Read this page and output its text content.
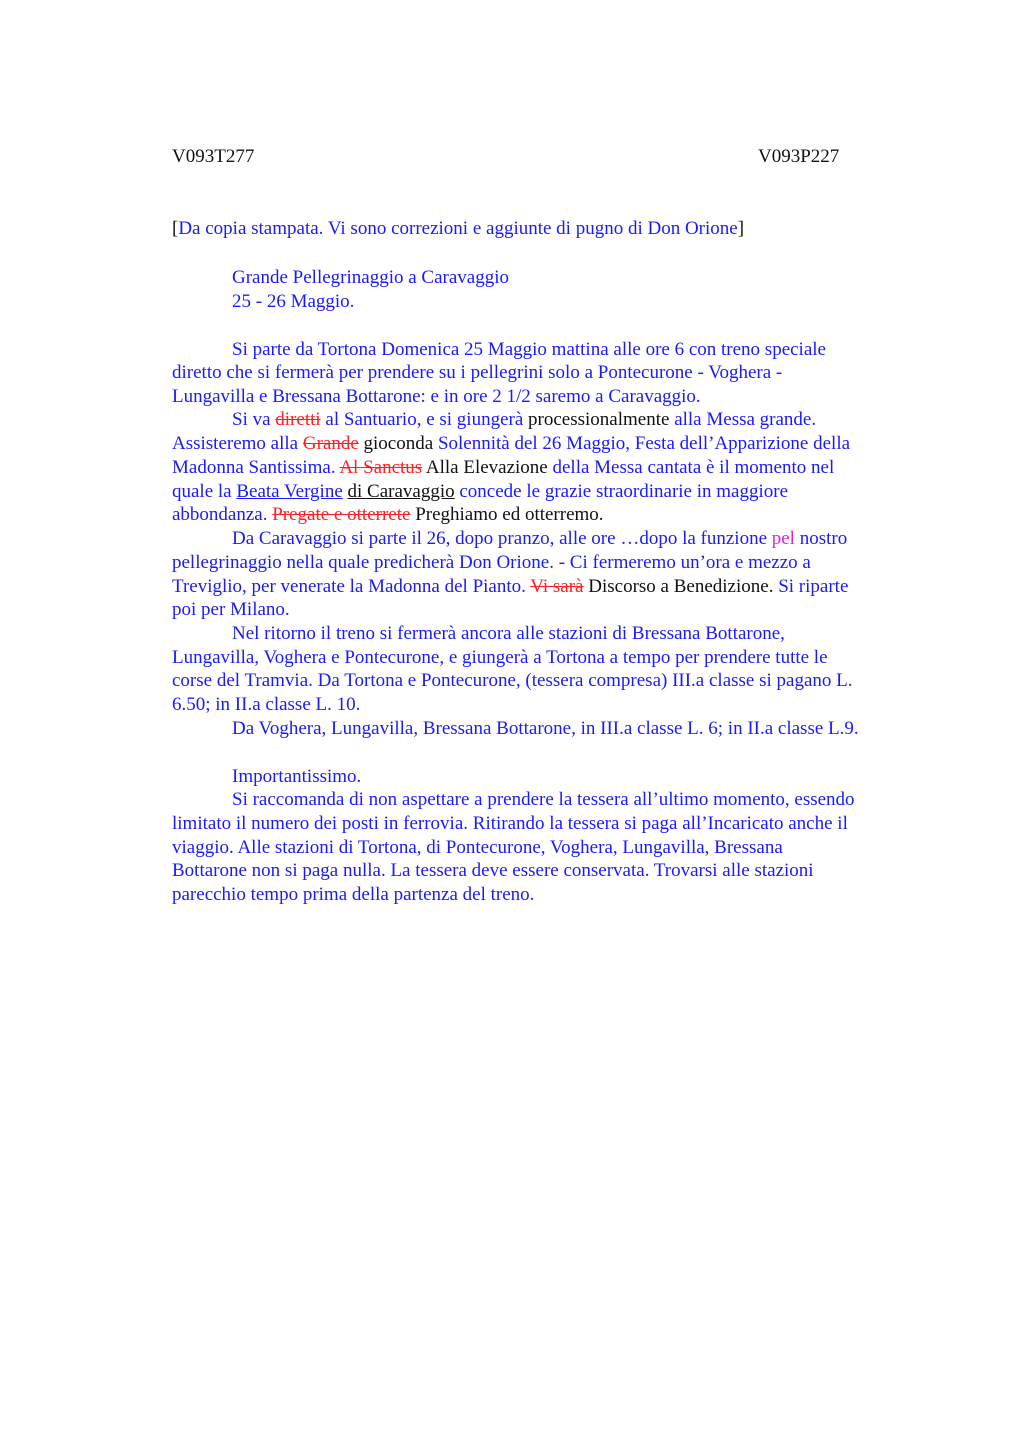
V093T277	V093P227
[Da copia stampata. Vi sono correzioni e aggiunte di pugno di Don Orione]
Grande Pellegrinaggio a Caravaggio
25 - 26 Maggio.
Si parte da Tortona Domenica 25 Maggio mattina alle ore 6 con treno speciale
diretto che si fermerà per prendere su i pellegrini solo a Pontecurone - Voghera -
Lungavilla e Bressana Bottarone: e in ore 2 1/2 saremo a Caravaggio.
Si va diretti al Santuario, e si giungerà processionalmente alla Messa grande.
Assisteremo alla Grande gioconda Solennità del 26 Maggio, Festa dell’Apparizione della
Madonna Santissima. Al Sanctus Alla Elevazione della Messa cantata è il momento nel
quale la Beata Vergine di Caravaggio concede le grazie straordinarie in maggiore
abbondanza. Pregate e otterrete Preghiamo ed otterremo.
Da Caravaggio si parte il 26, dopo pranzo, alle ore …dopo la funzione pel nostro
pellegrinaggio nella quale predicherà Don Orione. - Ci fermeremo un’ora e mezzo a
Treviglio, per venerate la Madonna del Pianto. Vi sarà Discorso a Benedizione. Si riparte
poi per Milano.
Nel ritorno il treno si fermerà ancora alle stazioni di Bressana Bottarone,
Lungavilla, Voghera e Pontecurone, e giungerà a Tortona a tempo per prendere tutte le
corse del Tramvia. Da Tortona e Pontecurone, (tessera compresa) III.a classe si pagano L.
6.50; in II.a classe L. 10.
Da Voghera, Lungavilla, Bressana Bottarone, in III.a classe L. 6; in II.a classe L.9.
Importantissimo.
Si raccomanda di non aspettare a prendere la tessera all’ultimo momento, essendo
limitato il numero dei posti in ferrovia. Ritirando la tessera si paga all’Incaricato anche il
viaggio. Alle stazioni di Tortona, di Pontecurone, Voghera, Lungavilla, Bressana
Bottarone non si paga nulla. La tessera deve essere conservata. Trovarsi alle stazioni
parecchio tempo prima della partenza del treno.
